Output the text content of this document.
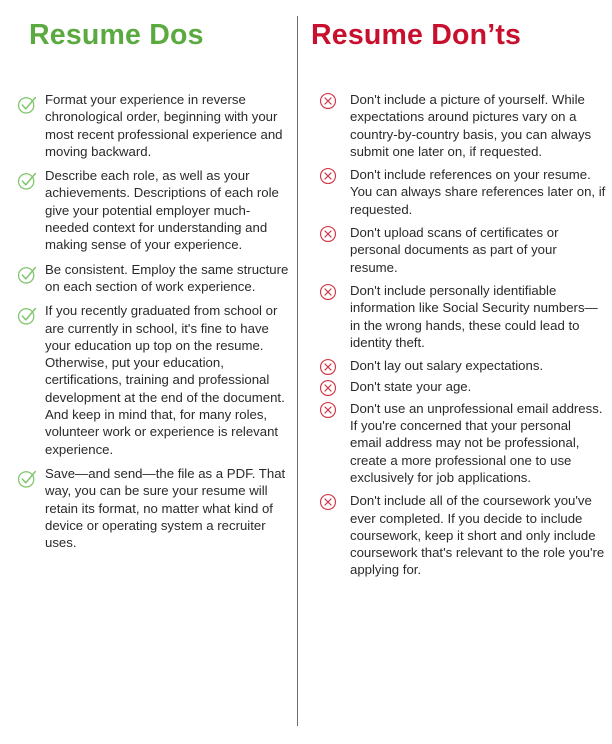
Resume Dos
Format your experience in reverse chronological order, beginning with your most recent professional experience and moving backward.
Describe each role, as well as your achievements. Descriptions of each role give your potential employer much-needed context for understanding and making sense of your experience.
Be consistent. Employ the same structure on each section of work experience.
If you recently graduated from school or are currently in school, it's fine to have your education up top on the resume. Otherwise, put your education, certifications, training and professional development at the end of the document. And keep in mind that, for many roles, volunteer work or experience is relevant experience.
Save—and send—the file as a PDF. That way, you can be sure your resume will retain its format, no matter what kind of device or operating system a recruiter uses.
Resume Don’ts
Don't include a picture of yourself. While expectations around pictures vary on a country-by-country basis, you can always submit one later on, if requested.
Don't include references on your resume. You can always share references later on, if requested.
Don't upload scans of certificates or personal documents as part of your resume.
Don't include personally identifiable information like Social Security numbers—in the wrong hands, these could lead to identity theft.
Don't lay out salary expectations.
Don't state your age.
Don't use an unprofessional email address. If you're concerned that your personal email address may not be professional, create a more professional one to use exclusively for job applications.
Don't include all of the coursework you've ever completed. If you decide to include coursework, keep it short and only include coursework that's relevant to the role you're applying for.
